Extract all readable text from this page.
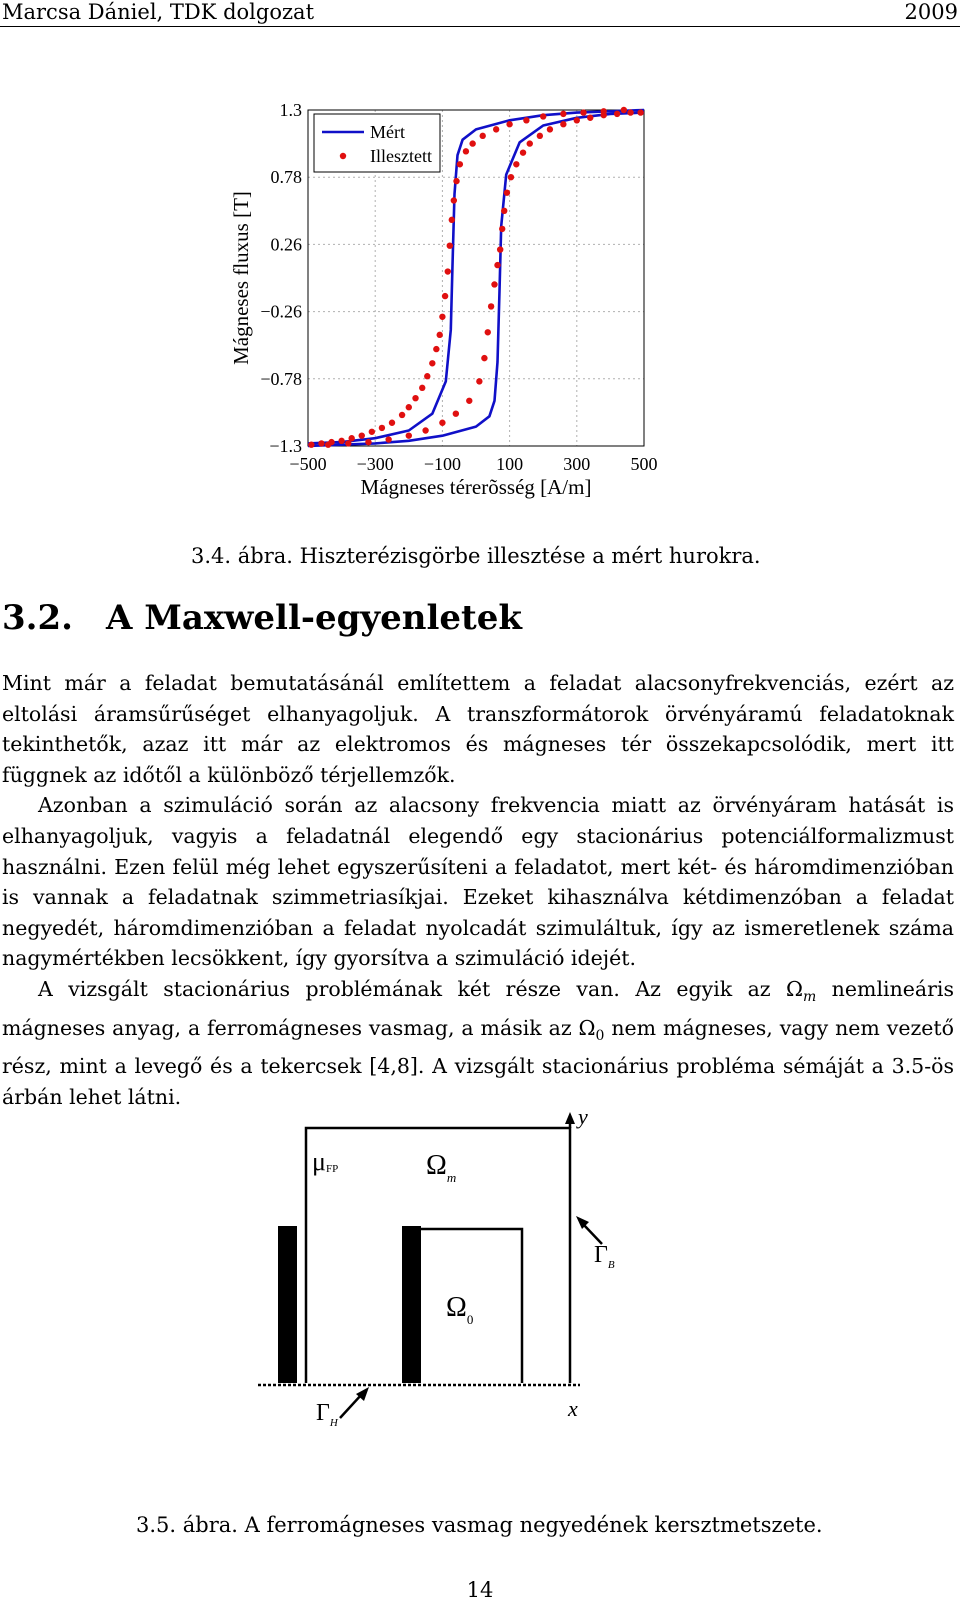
Marcsa Dániel, TDK dolgozat	2009
−500 −300 −100 100 300 500
1.3
0.78
0.26
−0.26
−0.78
−1.3
Mágneses térerõsség [A/m]
Mágneses fluxus [T]
Mért
Illesztett
3.4. ábra. Hiszterézisgörbe illesztése a mért hurokra.
3.2. A Maxwell-egyenletek

Mint már a feladat bemutatásánál említettem a feladat alacsonyfrekvenciás, ezért az eltolási áramsűrűséget elhanyagoljuk. A transzformátorok örvényáramú feladatoknak tekinthetők, azaz itt már az elektromos és mágneses tér összekapcsolódik, mert itt függnek az időtől a különböző térjellemzők.

Azonban a szimuláció során az alacsony frekvencia miatt az örvényáram hatását is elhanyagoljuk, vagyis a feladatnál elegendő egy stacionárius potenciálformalizmust használni. Ezen felül még lehet egyszerűsíteni a feladatot, mert két- és háromdimenzióban is vannak a feladatnak szimmetriasíkjai. Ezeket kihasználva kétdimenzóban a feladat negyedét, háromdimenzióban a feladat nyolcadát szimuláltuk, így az ismeretlenek száma nagymértékben lecsökkent, így gyorsítva a szimuláció idejét.

A vizsgált stacionárius problémának két része van. Az egyik az $\Omega_m$ nemlineáris mágneses anyag, a ferromágneses vasmag, a másik az $\Omega_0$ nem mágneses, vagy nem vezető rész, mint a levegő és a tekercsek [4,8]. A vizsgált stacionárius probléma sémáját a 3.5-ös árbán lehet látni.

μFP	$\Omega_m$
$\Omega_0$
$\Gamma_B$
$\Gamma_H$
y
x
3.5. ábra. A ferromágneses vasmag negyedének kersztmetszete.
14
